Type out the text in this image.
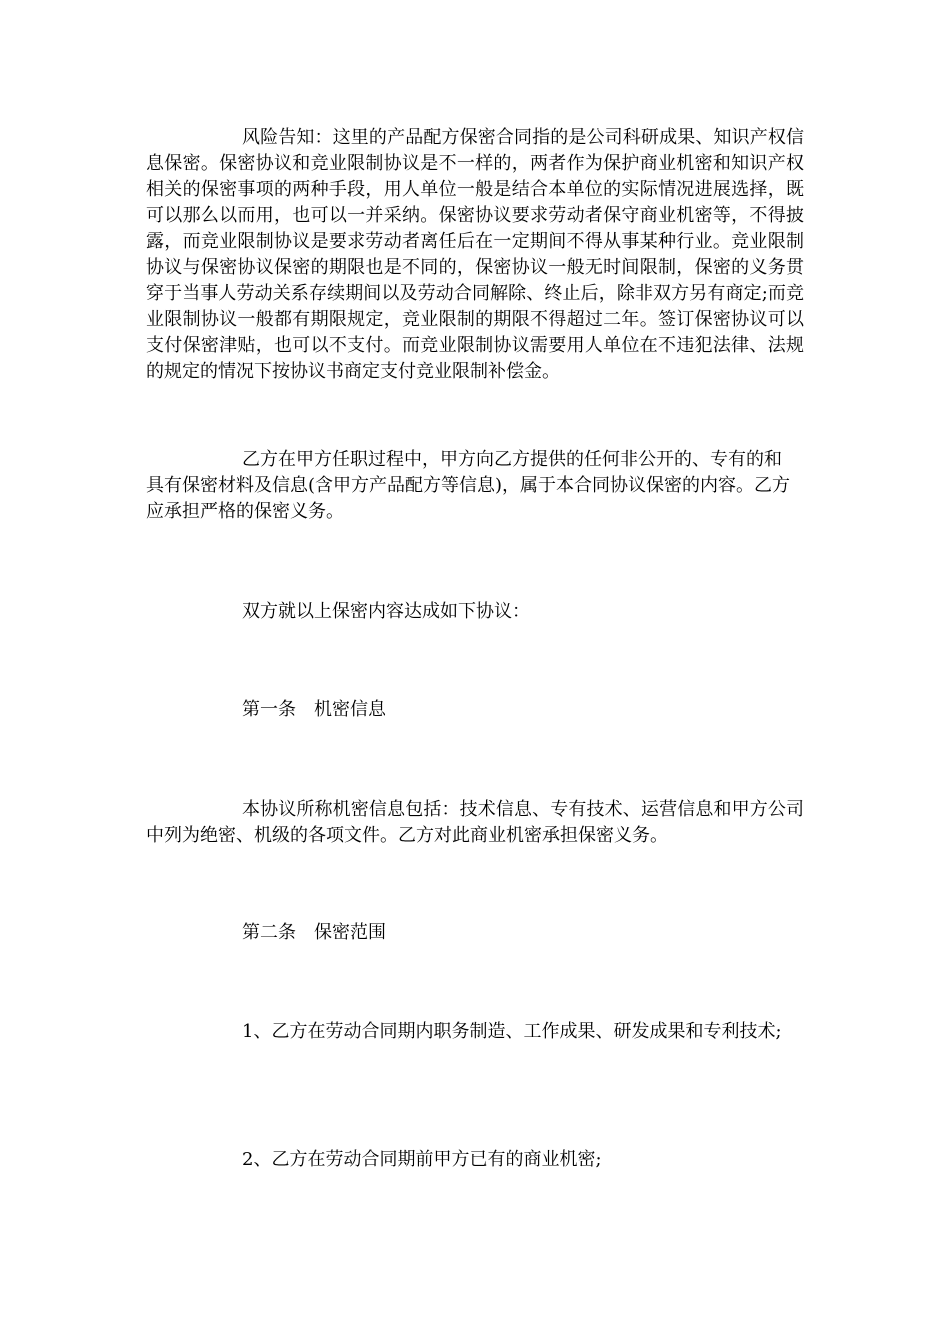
风险告知：这里的产品配方保密合同指的是公司科研成果、知识产权信息保密。保密协议和竞业限制协议是不一样的，两者作为保护商业机密和知识产权相关的保密事项的两种手段，用人单位一般是结合本单位的实际情况进展选择，既可以那么以而用，也可以一并采纳。保密协议要求劳动者保守商业机密等，不得披露，而竞业限制协议是要求劳动者离任后在一定期间不得从事某种行业。竞业限制协议与保密协议保密的期限也是不同的，保密协议一般无时间限制，保密的义务贯穿于当事人劳动关系存续期间以及劳动合同解除、终止后，除非双方另有商定;而竞业限制协议一般都有期限规定，竞业限制的期限不得超过二年。签订保密协议可以支付保密津贴，也可以不支付。而竞业限制协议需要用人单位在不违犯法律、法规的规定的情况下按协议书商定支付竞业限制补偿金。

乙方在甲方任职过程中，甲方向乙方提供的任何非公开的、专有的和具有保密材料及信息(含甲方产品配方等信息)，属于本合同协议保密的内容。乙方应承担严格的保密义务。

双方就以上保密内容达成如下协议：

第一条　机密信息

本协议所称机密信息包括：技术信息、专有技术、运营信息和甲方公司中列为绝密、机级的各项文件。乙方对此商业机密承担保密义务。

第二条　保密范围

1、乙方在劳动合同期内职务制造、工作成果、研发成果和专利技术;

2、乙方在劳动合同期前甲方已有的商业机密;
